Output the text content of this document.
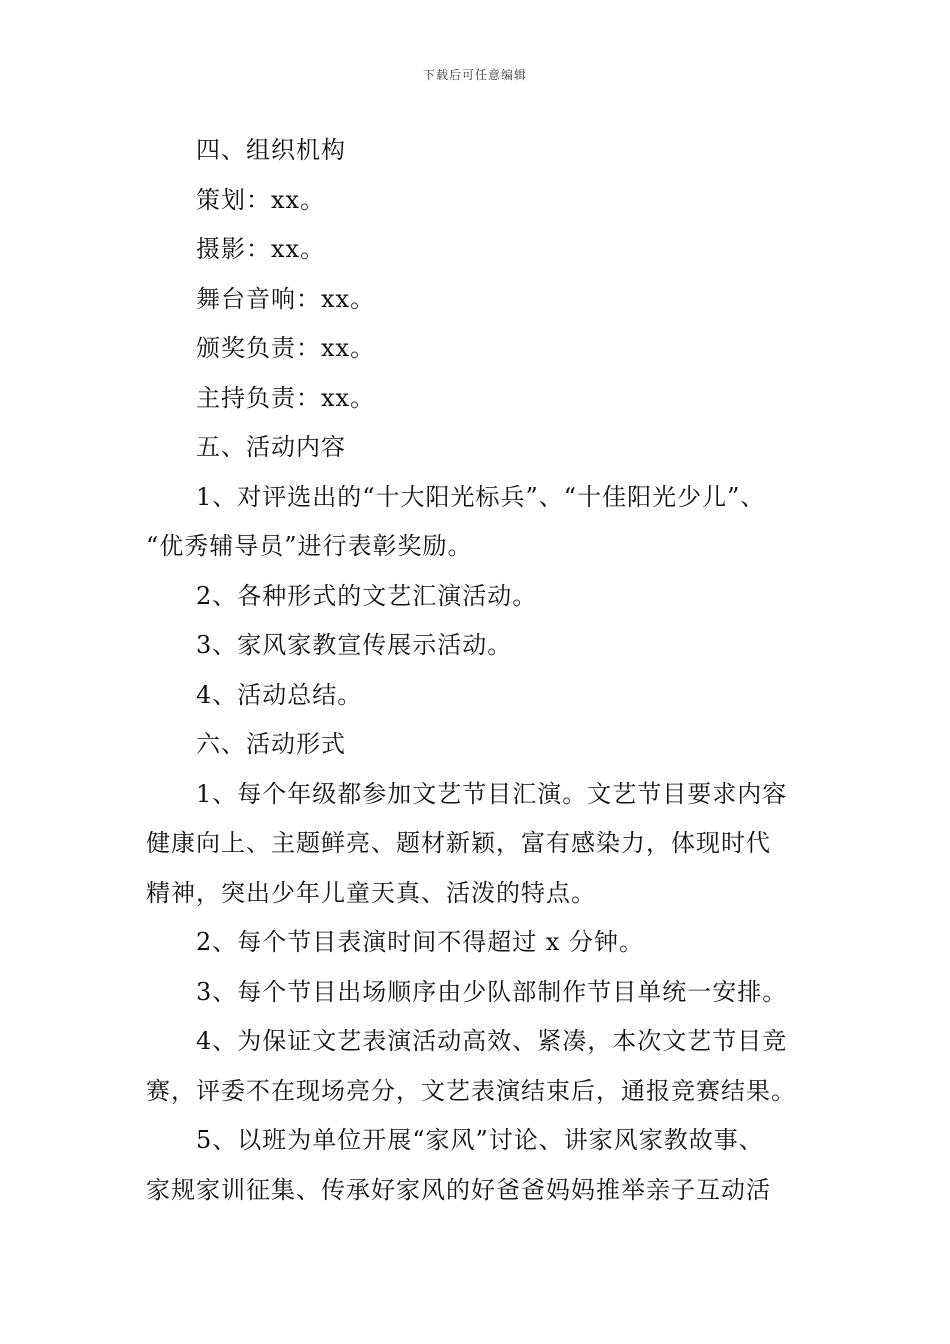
下载后可任意编辑
四、组织机构
策划：xx。
摄影：xx。
舞台音响：xx。
颁奖负责：xx。
主持负责：xx。
五、活动内容
1、对评选出的“十大阳光标兵”、“十佳阳光少儿”、
“优秀辅导员”进行表彰奖励。
2、各种形式的文艺汇演活动。
3、家风家教宣传展示活动。
4、活动总结。
六、活动形式
1、每个年级都参加文艺节目汇演。文艺节目要求内容
健康向上、主题鲜亮、题材新颖，富有感染力，体现时代
精神，突出少年儿童天真、活泼的特点。
2、每个节目表演时间不得超过 x 分钟。
3、每个节目出场顺序由少队部制作节目单统一安排。
4、为保证文艺表演活动高效、紧凑，本次文艺节目竞
赛，评委不在现场亮分，文艺表演结束后，通报竞赛结果。
5、以班为单位开展“家风”讨论、讲家风家教故事、
家规家训征集、传承好家风的好爸爸妈妈推举亲子互动活
